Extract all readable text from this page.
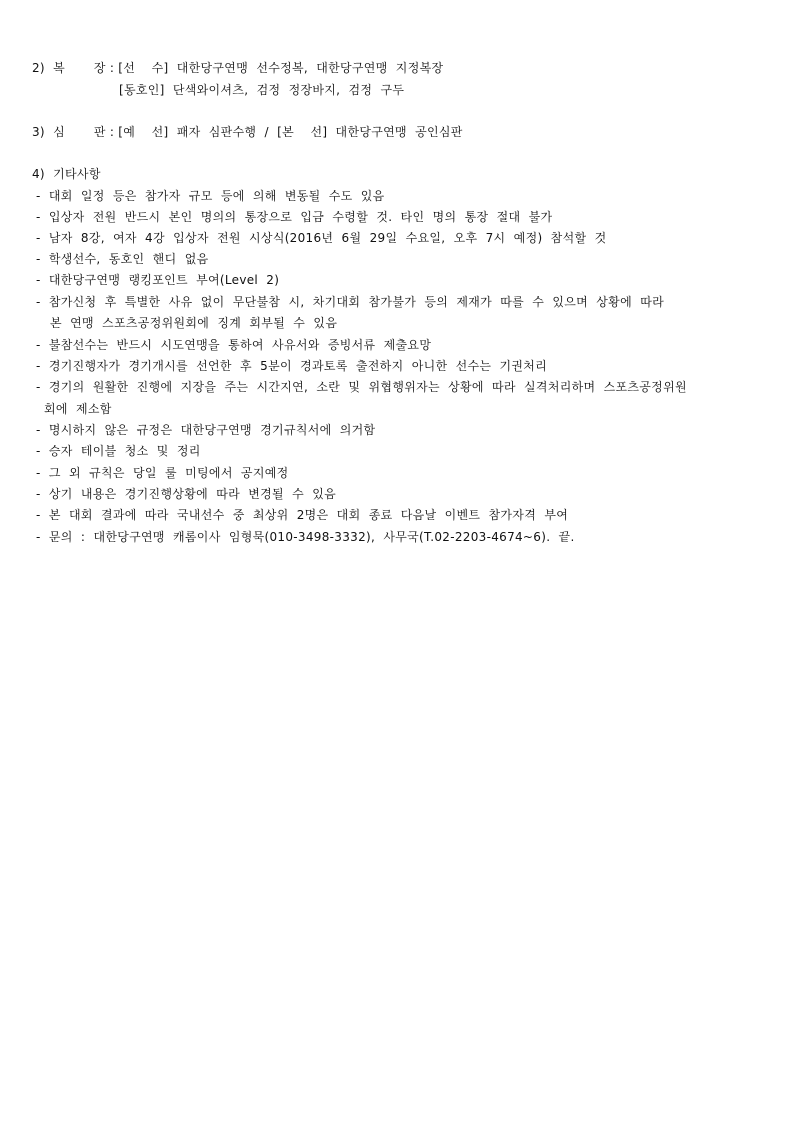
2)  복       장 : [선    수]  대한당구연맹  선수정복,  대한당구연맹  지정복장
[동호인]  단색와이셔츠,  검정  정장바지,  검정  구두
3)  심       판 : [예    선]  패자  심판수행  /  [본    선]  대한당구연맹  공인심판
4)  기타사항
-  대회  일정  등은  참가자  규모  등에  의해  변동될  수도  있음
-  입상자  전원  반드시  본인  명의의  통장으로  입금  수령할  것.  타인  명의  통장  절대  불가
-  남자  8강,  여자  4강  입상자  전원  시상식(2016년  6월  29일  수요일,  오후  7시  예정)  참석할  것
-  학생선수,  동호인  핸디  없음
-  대한당구연맹  랭킹포인트  부여(Level  2)
-  참가신청  후  특별한  사유  없이  무단불참  시,  차기대회  참가불가  등의  제재가  따를  수  있으며  상황에  따라
본  연맹  스포츠공정위원회에  징계  회부될  수  있음
-  불참선수는  반드시  시도연맹을  통하여  사유서와  증빙서류  제출요망
-  경기진행자가  경기개시를  선언한  후  5분이  경과토록  출전하지  아니한  선수는  기권처리
-  경기의  원활한  진행에  지장을  주는  시간지연,  소란  및  위협행위자는  상황에  따라  실격처리하며  스포츠공정위원
회에  제소함
-  명시하지  않은  규정은  대한당구연맹  경기규칙서에  의거함
-  승자  테이블  청소  및  정리
-  그  외  규칙은  당일  룰  미팅에서  공지예정
-  상기  내용은  경기진행상황에  따라  변경될  수  있음
-  본  대회  결과에  따라  국내선수  중  최상위  2명은  대회  종료  다음날  이벤트  참가자격  부여
-  문의  :  대한당구연맹  캐롬이사  임형묵(010-3498-3332),  사무국(T.02-2203-4674~6).  끝.
